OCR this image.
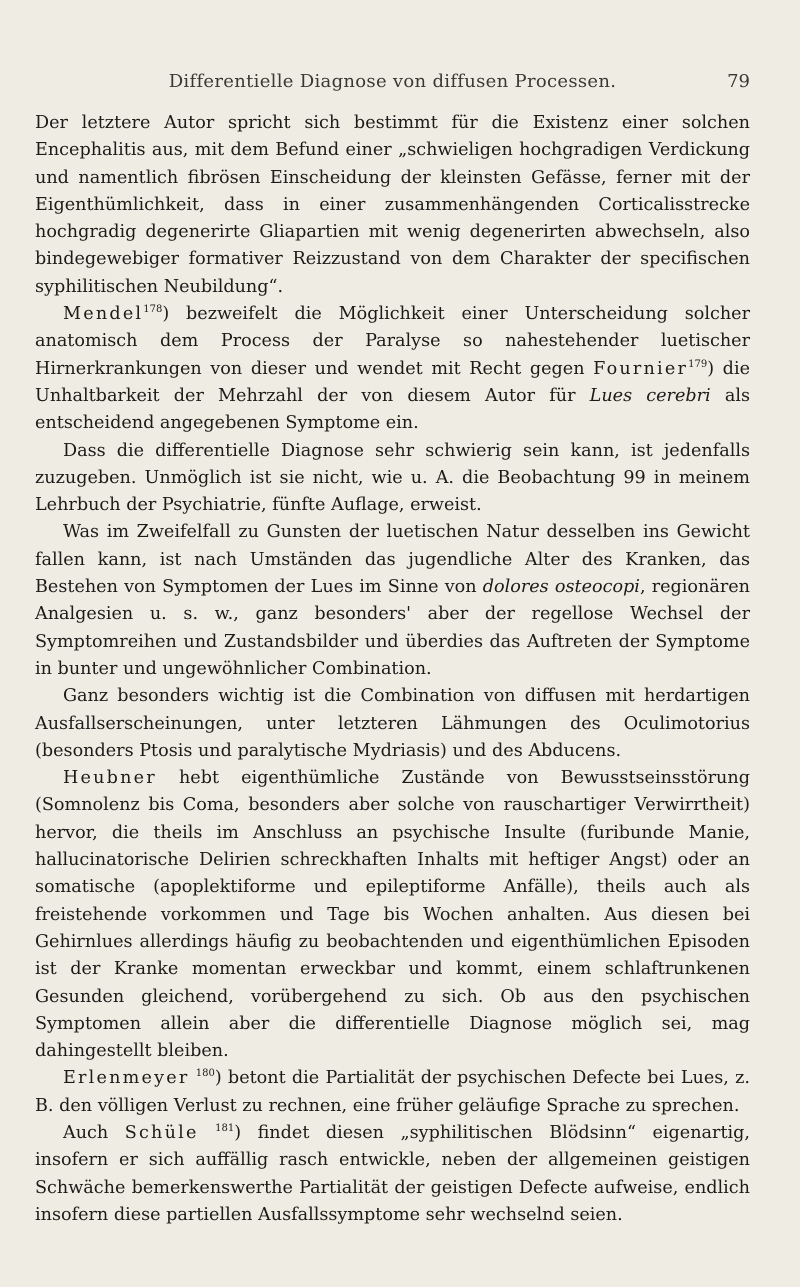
Differentielle Diagnose von diffusen Processen.	79

Der letztere Autor spricht sich bestimmt für die Existenz einer solchen Encephalitis aus, mit dem Befund einer „schwieligen hochgradigen Verdickung und namentlich fibrösen Einscheidung der kleinsten Gefässe, ferner mit der Eigenthümlichkeit, dass in einer zusammenhängenden Corticalisstrecke hochgradig degenerirte Gliapartien mit wenig degenerirten abwechseln, also bindegewebiger formativer Reizzustand von dem Charakter der specifischen syphilitischen Neubildung“.

Mendel$^{178}$) bezweifelt die Möglichkeit einer Unterscheidung solcher anatomisch dem Process der Paralyse so nahestehender luetischer Hirnerkrankungen von dieser und wendet mit Recht gegen Fournier$^{179}$) die Unhaltbarkeit der Mehrzahl der von diesem Autor für Lues cerebri als entscheidend angegebenen Symptome ein.

Dass die differentielle Diagnose sehr schwierig sein kann, ist jedenfalls zuzugeben. Unmöglich ist sie nicht, wie u. A. die Beobachtung 99 in meinem Lehrbuch der Psychiatrie, fünfte Auflage, erweist.

Was im Zweifelfall zu Gunsten der luetischen Natur desselben ins Gewicht fallen kann, ist nach Umständen das jugendliche Alter des Kranken, das Bestehen von Symptomen der Lues im Sinne von dolores osteocopi, regionären Analgesien u. s. w., ganz besonders' aber der regellose Wechsel der Symptomreihen und Zustandsbilder und überdies das Auftreten der Symptome in bunter und ungewöhnlicher Combination.

Ganz besonders wichtig ist die Combination von diffusen mit herdartigen Ausfallserscheinungen, unter letzteren Lähmungen des Oculimotorius (besonders Ptosis und paralytische Mydriasis) und des Abducens.

Heubner hebt eigenthümliche Zustände von Bewusstseinsstörung (Somnolenz bis Coma, besonders aber solche von rauschartiger Verwirrtheit) hervor, die theils im Anschluss an psychische Insulte (furibunde Manie, hallucinatorische Delirien schreckhaften Inhalts mit heftiger Angst) oder an somatische (apoplektiforme und epileptiforme Anfälle), theils auch als freistehende vorkommen und Tage bis Wochen anhalten. Aus diesen bei Gehirnlues allerdings häufig zu beobachtenden und eigenthümlichen Episoden ist der Kranke momentan erweckbar und kommt, einem schlaftrunkenen Gesunden gleichend, vorübergehend zu sich. Ob aus den psychischen Symptomen allein aber die differentielle Diagnose möglich sei, mag dahingestellt bleiben.

Erlenmeyer $^{180}$) betont die Partialität der psychischen Defecte bei Lues, z. B. den völligen Verlust zu rechnen, eine früher geläufige Sprache zu sprechen.

Auch Schüle $^{181}$) findet diesen „syphilitischen Blödsinn“ eigenartig, insofern er sich auffällig rasch entwickle, neben der allgemeinen geistigen Schwäche bemerkenswerthe Partialität der geistigen Defecte aufweise, endlich insofern diese partiellen Ausfallssymptome sehr wechselnd seien.
